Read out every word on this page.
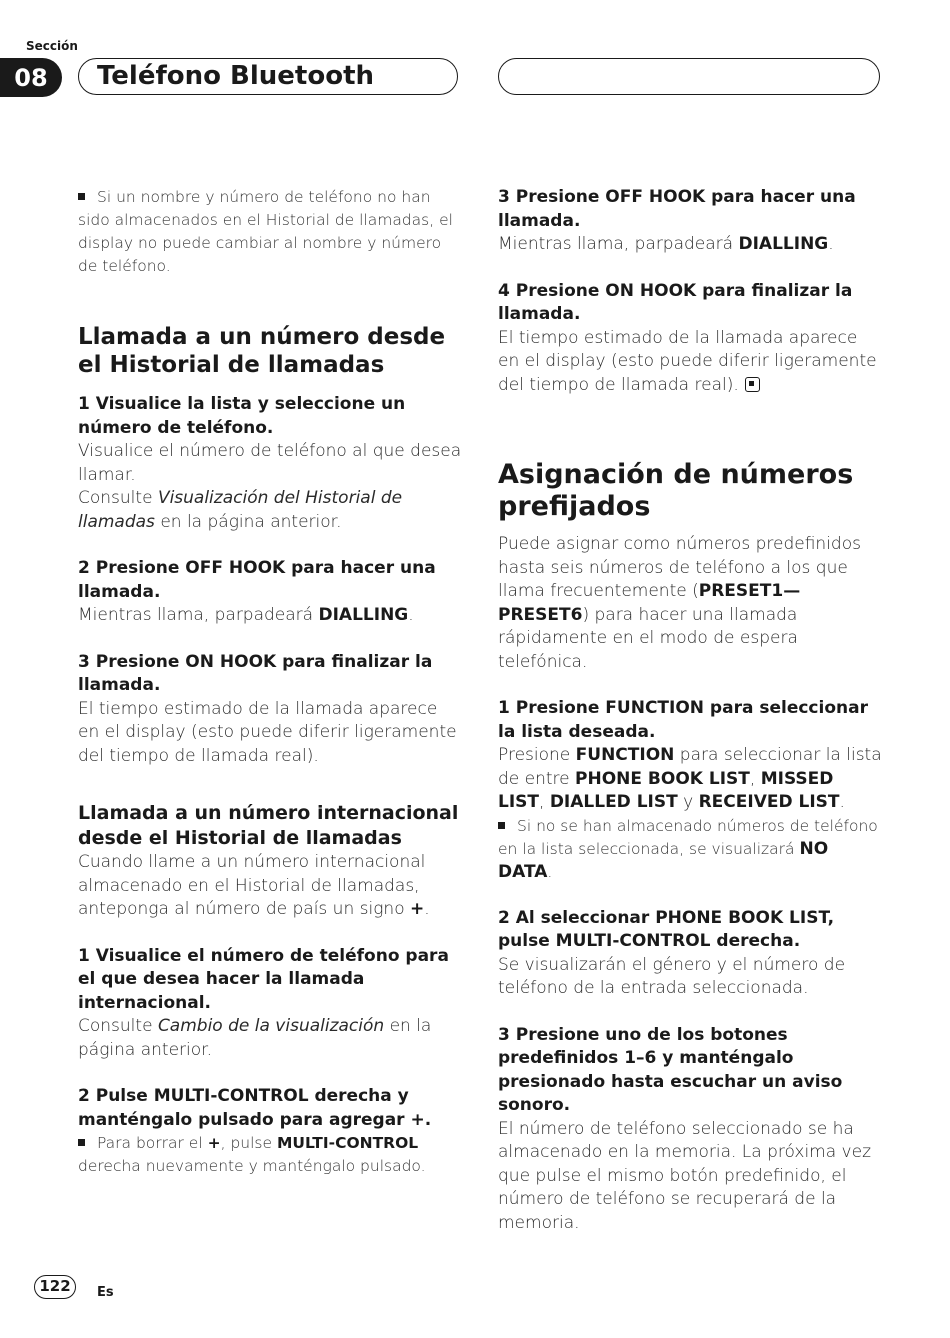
Sección
08	Teléfono Bluetooth

Si un nombre y número de teléfono no han sido almacenados en el Historial de llamadas, el display no puede cambiar al nombre y número de teléfono.

Llamada a un número desde el Historial de llamadas
1 Visualice la lista y seleccione un número de teléfono.

Visualice el número de teléfono al que desea llamar.

Consulte Visualización del Historial de llamadas en la página anterior.

2 Presione OFF HOOK para hacer una llamada.

Mientras llama, parpadeará DIALLING.

3 Presione ON HOOK para finalizar la llamada.

El tiempo estimado de la llamada aparece en el display (esto puede diferir ligeramente del tiempo de llamada real).

Llamada a un número internacional desde el Historial de llamadas

Cuando llame a un número internacional almacenado en el Historial de llamadas, anteponga al número de país un signo +.

1 Visualice el número de teléfono para el que desea hacer la llamada internacional.

Consulte Cambio de la visualización en la página anterior.

2 Pulse MULTI-CONTROL derecha y manténgalo pulsado para agregar +.

Para borrar el +, pulse MULTI-CONTROL derecha nuevamente y manténgalo pulsado.

3 Presione OFF HOOK para hacer una llamada.

Mientras llama, parpadeará DIALLING.

4 Presione ON HOOK para finalizar la llamada.

El tiempo estimado de la llamada aparece en el display (esto puede diferir ligeramente del tiempo de llamada real).

Asignación de números prefijados

Puede asignar como números predefinidos hasta seis números de teléfono a los que llama frecuentemente (PRESET1—PRESET6) para hacer una llamada rápidamente en el modo de espera telefónica.

1 Presione FUNCTION para seleccionar la lista deseada.

Presione FUNCTION para seleccionar la lista de entre PHONE BOOK LIST, MISSED LIST, DIALLED LIST y RECEIVED LIST.

Si no se han almacenado números de teléfono en la lista seleccionada, se visualizará NO DATA.

2 Al seleccionar PHONE BOOK LIST, pulse MULTI-CONTROL derecha.

Se visualizarán el género y el número de teléfono de la entrada seleccionada.

3 Presione uno de los botones predefinidos 1–6 y manténgalo presionado hasta escuchar un aviso sonoro.

El número de teléfono seleccionado se ha almacenado en la memoria. La próxima vez que pulse el mismo botón predefinido, el número de teléfono se recuperará de la memoria.

122	Es
